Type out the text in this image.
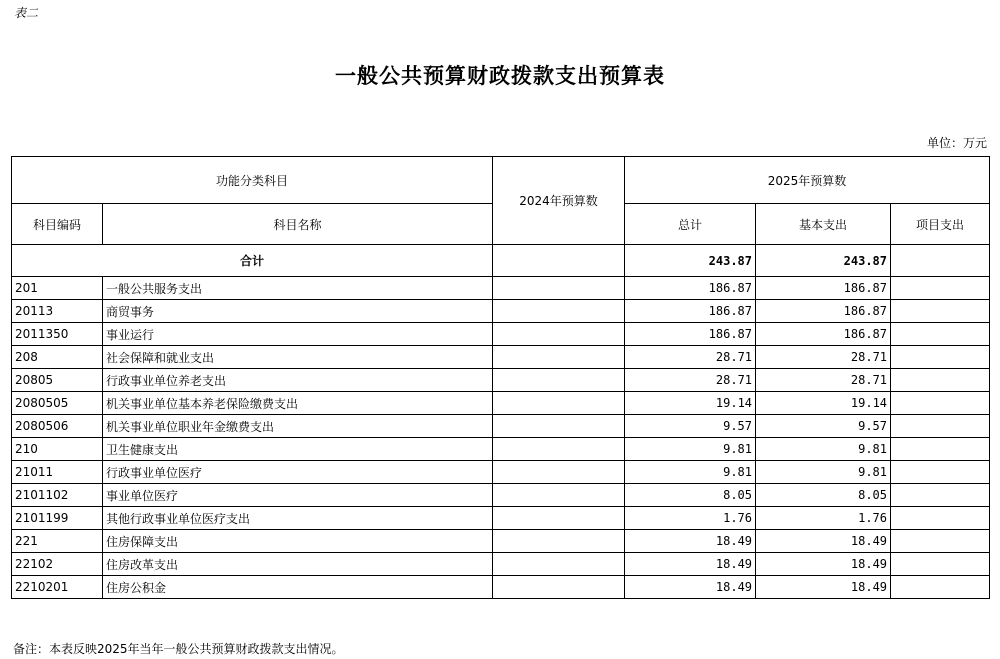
表二
一般公共预算财政拨款支出预算表
单位：万元
功能分类科目		2024年预算数	2025年预算数		
科目编码	科目名称		总计	基本支出	项目支出
合计			243.87	243.87	
201	一般公共服务支出		186.87	186.87	
20113	商贸事务		186.87	186.87	
2011350	事业运行		186.87	186.87	
208	社会保障和就业支出		28.71	28.71	
20805	行政事业单位养老支出		28.71	28.71	
2080505	机关事业单位基本养老保险缴费支出		19.14	19.14	
2080506	机关事业单位职业年金缴费支出		9.57	9.57	
210	卫生健康支出		9.81	9.81	
21011	行政事业单位医疗		9.81	9.81	
2101102	事业单位医疗		8.05	8.05	
2101199	其他行政事业单位医疗支出		1.76	1.76	
221	住房保障支出		18.49	18.49	
22102	住房改革支出		18.49	18.49	
2210201	住房公积金		18.49	18.49	
备注：本表反映2025年当年一般公共预算财政拨款支出情况。
